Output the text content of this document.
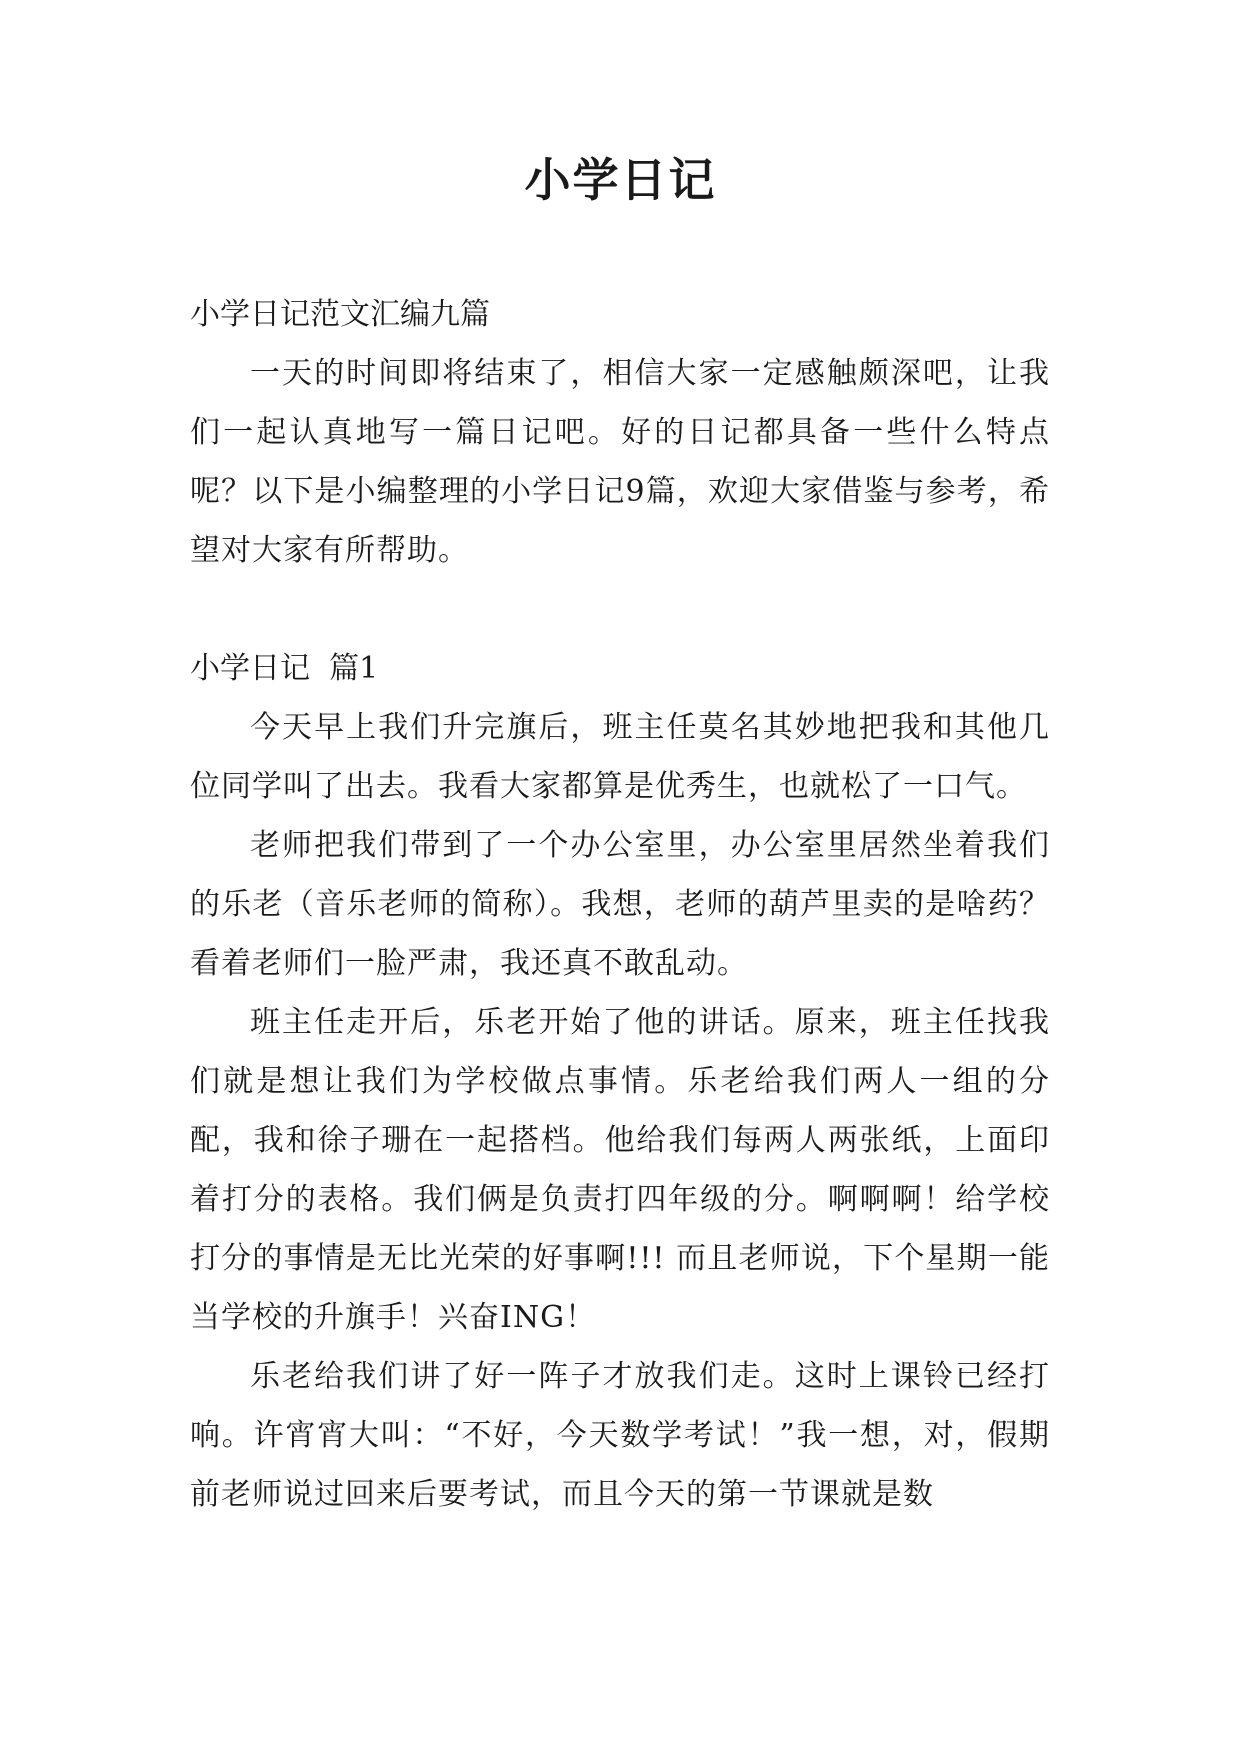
小学日记

小学日记范文汇编九篇

一天的时间即将结束了，相信大家一定感触颇深吧，让我们一起认真地写一篇日记吧。好的日记都具备一些什么特点呢？以下是小编整理的小学日记9篇，欢迎大家借鉴与参考，希望对大家有所帮助。

小学日记  篇1

今天早上我们升完旗后，班主任莫名其妙地把我和其他几位同学叫了出去。我看大家都算是优秀生，也就松了一口气。

老师把我们带到了一个办公室里，办公室里居然坐着我们的乐老（音乐老师的简称）。我想，老师的葫芦里卖的是啥药？看着老师们一脸严肃，我还真不敢乱动。

班主任走开后，乐老开始了他的讲话。原来，班主任找我们就是想让我们为学校做点事情。乐老给我们两人一组的分配，我和徐子珊在一起搭档。他给我们每两人两张纸，上面印着打分的表格。我们俩是负责打四年级的分。啊啊啊！给学校打分的事情是无比光荣的好事啊!!! 而且老师说，下个星期一能当学校的升旗手！兴奋ING！

乐老给我们讲了好一阵子才放我们走。这时上课铃已经打响。许宵宵大叫：“不好，今天数学考试！”我一想，对，假期前老师说过回来后要考试，而且今天的第一节课就是数
